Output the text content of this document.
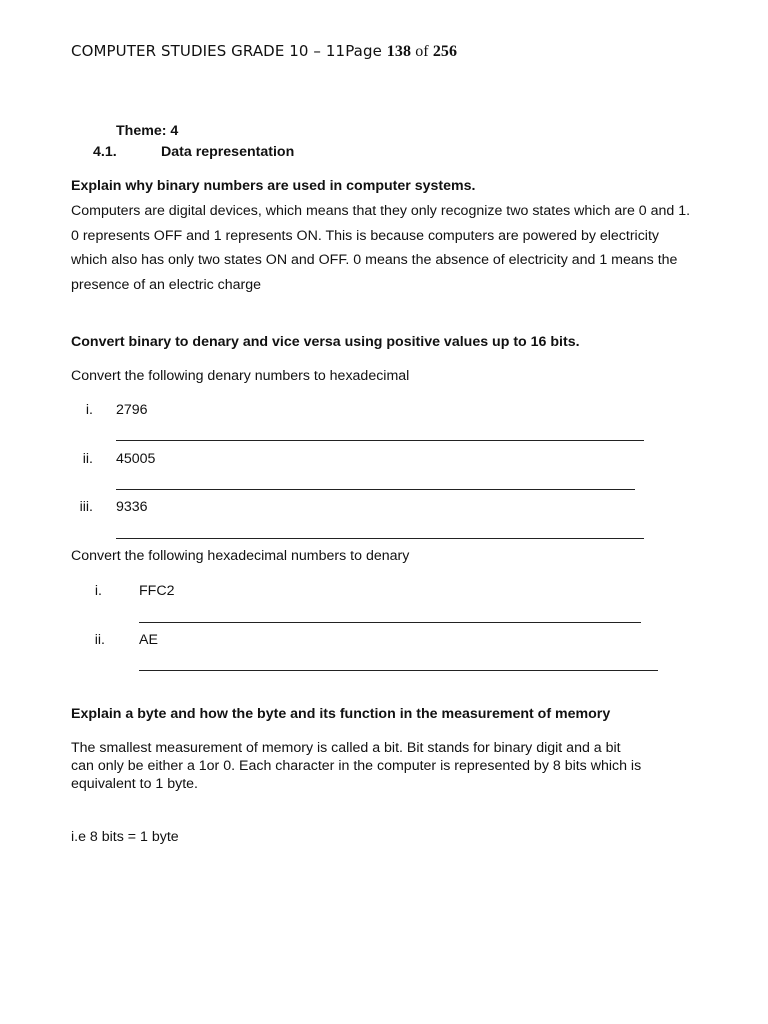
COMPUTER STUDIES GRADE 10 – 11Page 138 of 256
Theme: 4
4.1.	Data representation
Explain why binary numbers are used in computer systems.
Computers are digital devices, which means that they only recognize two states which are 0 and 1. 0 represents OFF and 1 represents ON. This is because computers are powered by electricity which also has only two states ON and OFF. 0 means the absence of electricity and 1 means the presence of an electric charge
Convert binary to denary and vice versa using positive values up to 16 bits.
Convert the following denary numbers to hexadecimal
i. 2796
ii. 45005
iii. 9336
Convert the following hexadecimal numbers to denary
i.	FFC2
ii. AE
Explain a byte and how the byte and its function in the measurement of memory
The smallest measurement of memory is called a bit. Bit stands for binary digit and a bit
can only be either a 1or 0. Each character in the computer is represented by 8 bits which is
equivalent to 1 byte.
i.e 8 bits = 1 byte
